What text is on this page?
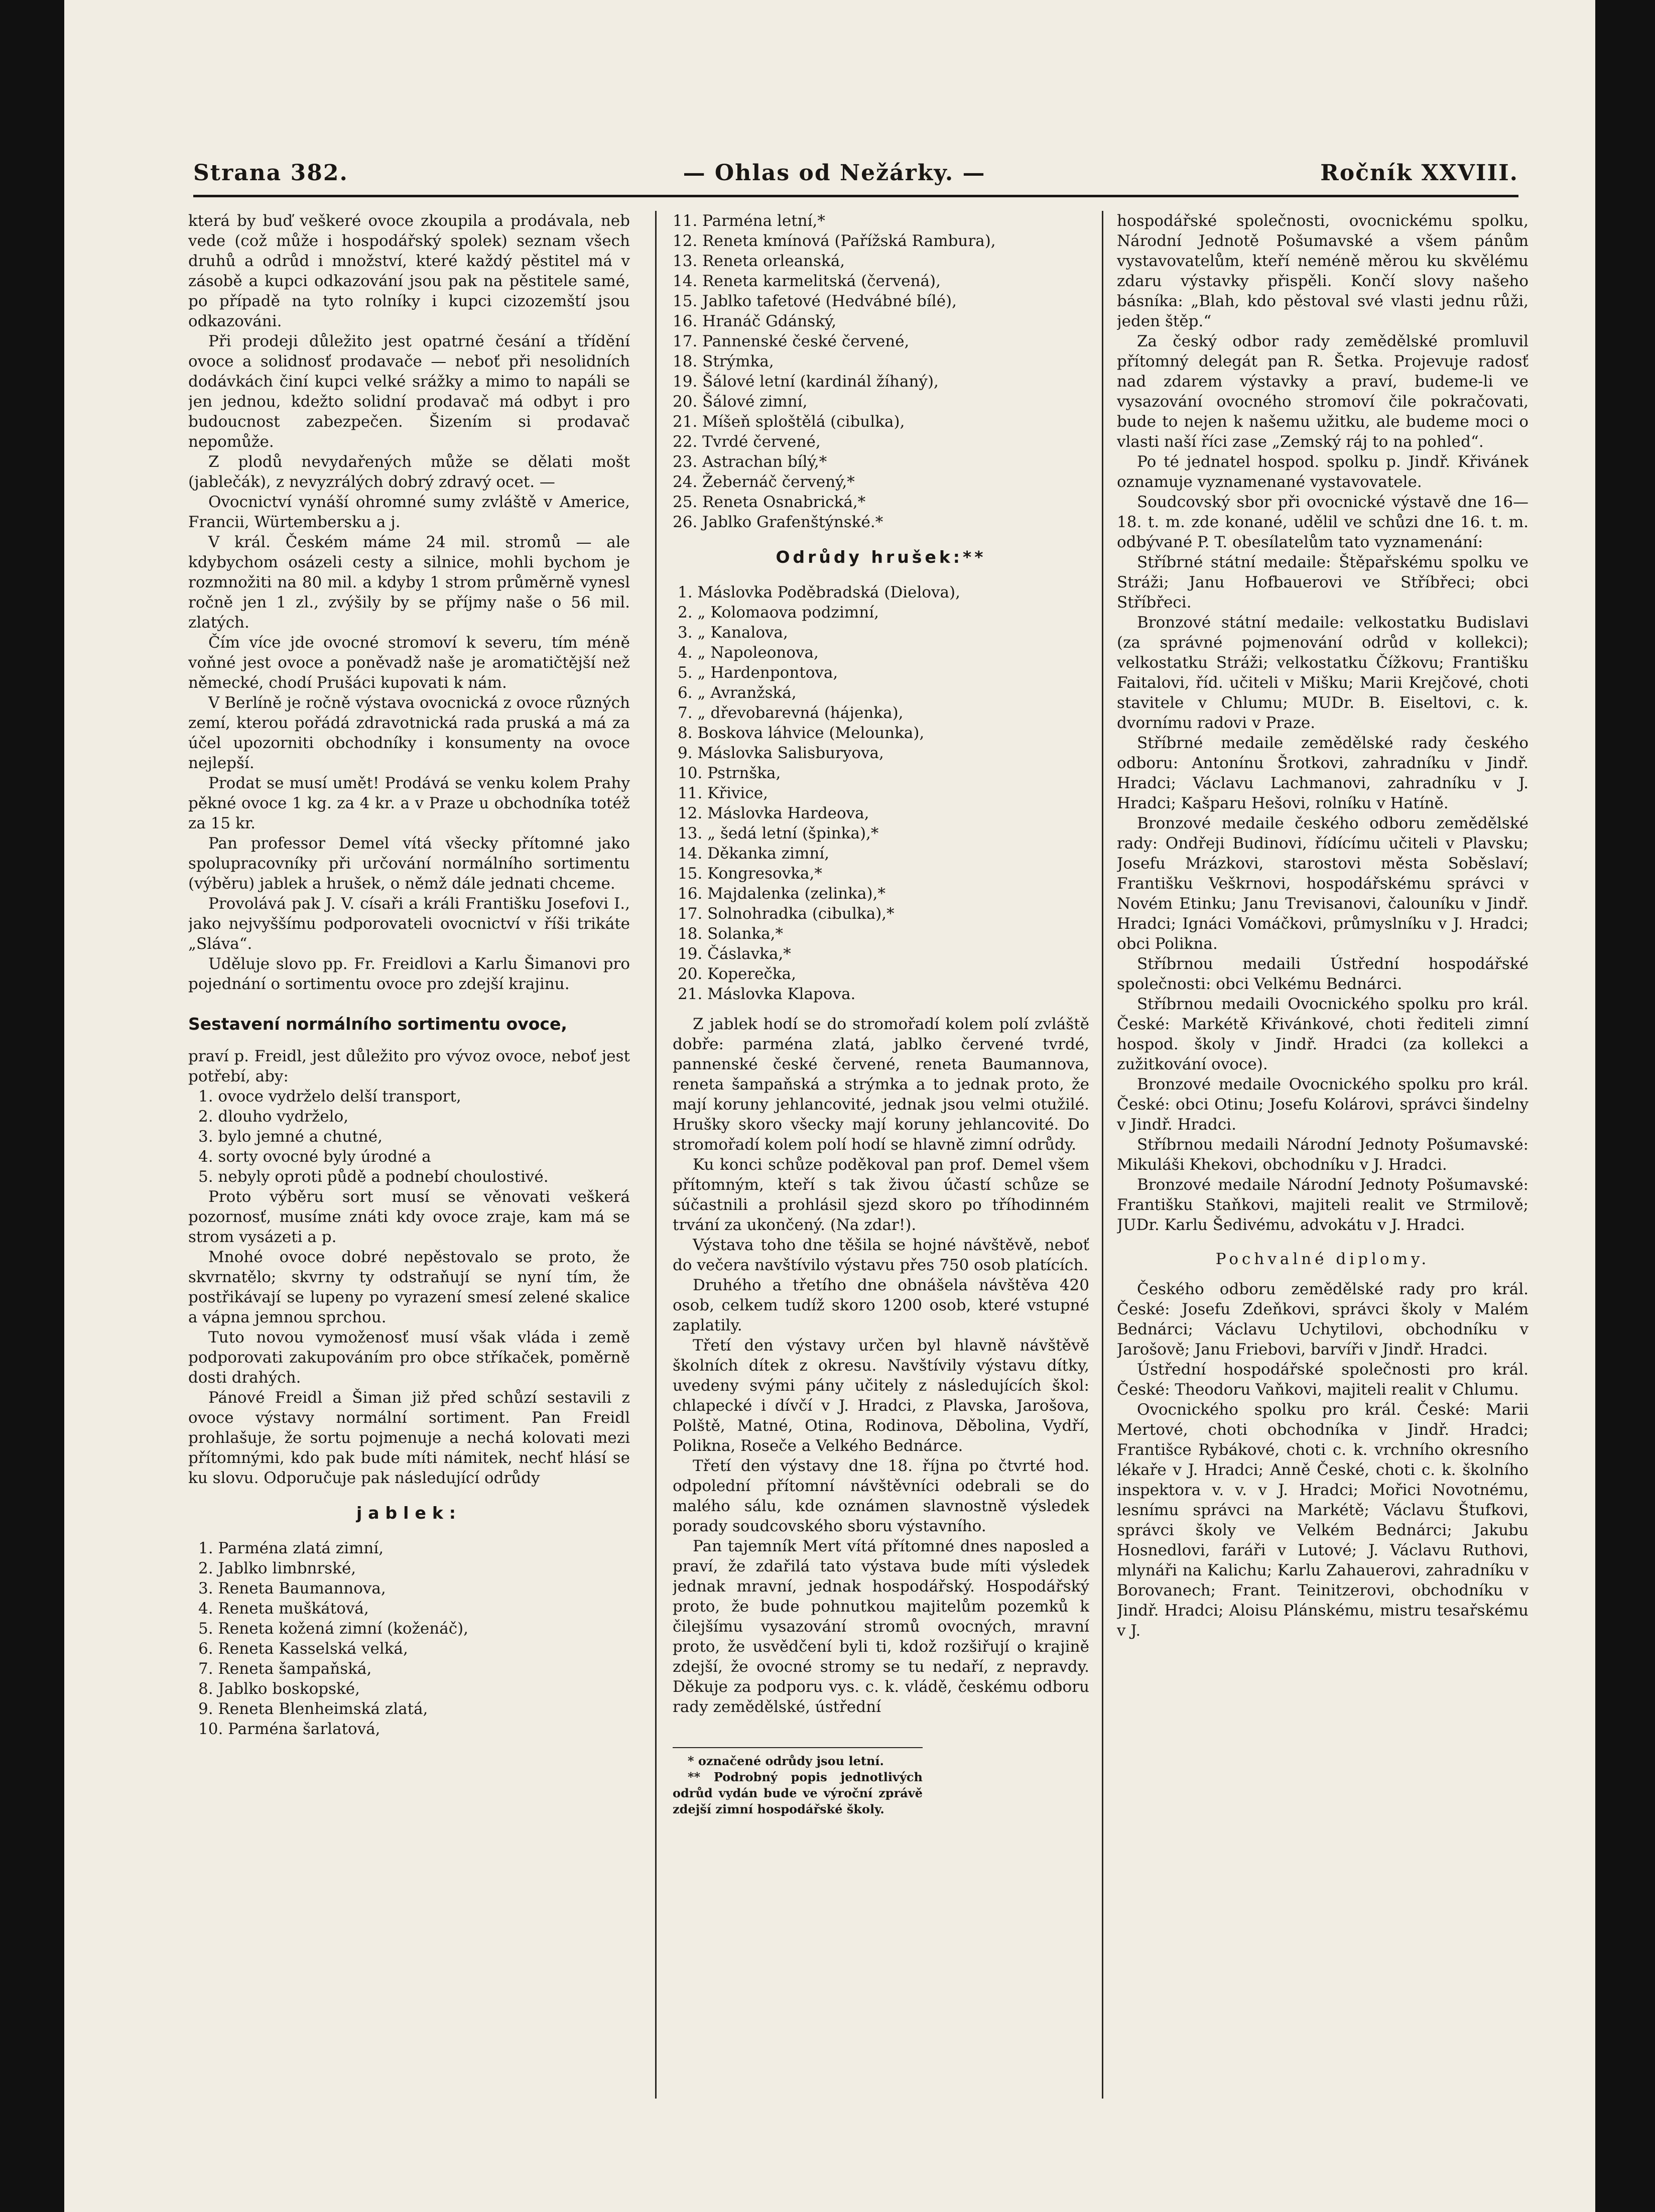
Strana 382.	— Ohlas od Nežárky. —	Ročník XXVIII.

která by buď veškeré ovoce zkoupila a prodávala, neb vede (což může i hospodářský spolek) seznam všech druhů a odrůd i množství, které každý pěstitel má v zásobě a kupci odkazování jsou pak na pěstitele samé, po případě na tyto rolníky i kupci cizozemští jsou odkazováni.

Při prodeji důležito jest opatrné česání a třídění ovoce a solidnosť prodavače — neboť při nesolidních dodávkách činí kupci velké srážky a mimo to napáli se jen jednou, kdežto solidní prodavač má odbyt i pro budoucnost zabezpečen. Šizením si prodavač nepomůže.

Z plodů nevydařených může se dělati mošt (jablečák), z nevyzrálých dobrý zdravý ocet. —

Ovocnictví vynáší ohromné sumy zvláště v Americe, Francii, Würtembersku a j.

V král. Českém máme 24 mil. stromů — ale kdybychom osázeli cesty a silnice, mohli bychom je rozmnožiti na 80 mil. a kdyby 1 strom průměrně vynesl ročně jen 1 zl., zvýšily by se příjmy naše o 56 mil. zlatých.

Čím více jde ovocné stromoví k severu, tím méně voňné jest ovoce a poněvadž naše je aromatičtější než německé, chodí Prušáci kupovati k nám.

V Berlíně je ročně výstava ovocnická z ovoce různých zemí, kterou pořádá zdravotnická rada pruská a má za účel upozorniti obchodníky i konsumenty na ovoce nejlepší.

Prodat se musí umět! Prodává se venku kolem Prahy pěkné ovoce 1 kg. za 4 kr. a v Praze u obchodníka totéž za 15 kr.

Pan professor Demel vítá všecky přítomné jako spolupracovníky při určování normálního sortimentu (výběru) jablek a hrušek, o němž dále jednati chceme.

Provolává pak J. V. císaři a králi Františku Josefovi I., jako nejvyššímu podporovateli ovocnictví v říši trikáte „Sláva“.

Uděluje slovo pp. Fr. Freidlovi a Karlu Šimanovi pro pojednání o sortimentu ovoce pro zdejší krajinu.

Sestavení normálního sortimentu ovoce,

praví p. Freidl, jest důležito pro vývoz ovoce, neboť jest potřebí, aby:

1. ovoce vydrželo delší transport,
2. dlouho vydrželo,
3. bylo jemné a chutné,
4. sorty ovocné byly úrodné a
5. nebyly oproti půdě a podnebí choulostivé.

Proto výběru sort musí se věnovati veškerá pozornosť, musíme znáti kdy ovoce zraje, kam má se strom vysázeti a p.

Mnohé ovoce dobré nepěstovalo se proto, že skvrnatělo; skvrny ty odstraňují se nyní tím, že postřikávají se lupeny po vyrazení smesí zelené skalice a vápna jemnou sprchou.

Tuto novou vymoženosť musí však vláda i země podporovati zakupováním pro obce stříkaček, poměrně dosti drahých.

Pánové Freidl a Šiman již před schůzí sestavili z ovoce výstavy normální sortiment. Pan Freidl prohlašuje, že sortu pojmenuje a nechá kolovati mezi přítomnými, kdo pak bude míti námitek, nechť hlásí se ku slovu. Odporučuje pak následující odrůdy

jablek:
1. Parména zlatá zimní,
2. Jablko limbnrské,
3. Reneta Baumannova,
4. Reneta muškátová,
5. Reneta kožená zimní (koženáč),
6. Reneta Kasselská velká,
7. Reneta šampaňská,
8. Jablko boskopské,
9. Reneta Blenheimská zlatá,
10. Parména šarlatová,
11. Parména letní,*
12. Reneta kmínová (Pařížská Rambura),
13. Reneta orleanská,
14. Reneta karmelitská (červená),
15. Jablko tafetové (Hedvábné bílé),
16. Hranáč Gdánský,
17. Pannenské české červené,
18. Strýmka,
19. Šálové letní (kardinál žíhaný),
20. Šálové zimní,
21. Míšeň sploštělá (cibulka),
22. Tvrdé červené,
23. Astrachan bílý,*
24. Žebernáč červený,*
25. Reneta Osnabrická,*
26. Jablko Grafenštýnské.*
Odrůdy hrušek:**
1. Máslovka Poděbradská (Dielova),
2. „ Kolomaova podzimní,
3. „ Kanalova,
4. „ Napoleonova,
5. „ Hardenpontova,
6. „ Avranžská,
7. „ dřevobarevná (hájenka),
8. Boskova láhvice (Melounka),
9. Máslovka Salisburyova,
10. Pstrnška,
11. Křivice,
12. Máslovka Hardeova,
13. „ šedá letní (špinka),*
14. Děkanka zimní,
15. Kongresovka,*
16. Majdalenka (zelinka),*
17. Solnohradka (cibulka),*
18. Solanka,*
19. Čáslavka,*
20. Koperečka,
21. Máslovka Klapova.

Z jablek hodí se do stromořadí kolem polí zvláště dobře: parména zlatá, jablko červené tvrdé, pannenské české červené, reneta Baumannova, reneta šampaňská a strýmka a to jednak proto, že mají koruny jehlancovité, jednak jsou velmi otužilé. Hrušky skoro všecky mají koruny jehlancovité. Do stromořadí kolem polí hodí se hlavně zimní odrůdy.

Ku konci schůze poděkoval pan prof. Demel všem přítomným, kteří s tak živou účastí schůze se súčastnili a prohlásil sjezd skoro po tříhodinném trvání za ukončený. (Na zdar!).

Výstava toho dne těšila se hojné návštěvě, neboť do večera navštívilo výstavu přes 750 osob platících.

Druhého a třetího dne obnášela návštěva 420 osob, celkem tudíž skoro 1200 osob, které vstupné zaplatily.

Třetí den výstavy určen byl hlavně návštěvě školních dítek z okresu. Navštívily výstavu dítky, uvedeny svými pány učitely z následujících škol: chlapecké i dívčí v J. Hradci, z Plavska, Jarošova, Polště, Matné, Otina, Rodinova, Děbolina, Vydří, Polikna, Roseče a Velkého Bednárce.

Třetí den výstavy dne 18. října po čtvrté hod. odpolední přítomní návštěvníci odebrali se do malého sálu, kde oznámen slavnostně výsledek porady soudcovského sboru výstavního.

Pan tajemník Mert vítá přítomné dnes naposled a praví, že zdařilá tato výstava bude míti výsledek jednak mravní, jednak hospodářský. Hospodářský proto, že bude pohnutkou majitelům pozemků k čilejšímu vysazování stromů ovocných, mravní proto, že usvědčení byli ti, kdož rozšiřují o krajině zdejší, že ovocné stromy se tu nedaří, z nepravdy. Děkuje za podporu vys. c. k. vládě, českému odboru rady zemědělské, ústřední

* označené odrůdy jsou letní.

** Podrobný popis jednotlivých odrůd vydán bude ve výroční zprávě zdejší zimní hospodářské školy.

hospodářské společnosti, ovocnickému spolku, Národní Jednotě Pošumavské a všem pánům vystavovatelům, kteří neméně měrou ku skvělému zdaru výstavky přispěli. Končí slovy našeho básníka: „Blah, kdo pěstoval své vlasti jednu růži, jeden štěp.“

Za český odbor rady zemědělské promluvil přítomný delegát pan R. Šetka. Projevuje radosť nad zdarem výstavky a praví, budeme-li ve vysazování ovocného stromoví čile pokračovati, bude to nejen k našemu užitku, ale budeme moci o vlasti naší říci zase „Zemský ráj to na pohled“.

Po té jednatel hospod. spolku p. Jindř. Křivánek oznamuje vyznamenané vystavovatele.

Soudcovský sbor při ovocnické výstavě dne 16—18. t. m. zde konané, udělil ve schůzi dne 16. t. m. odbývané P. T. obesílatelům tato vyznamenání:

Stříbrné státní medaile: Štěpařskému spolku ve Stráži; Janu Hofbauerovi ve Stříbřeci; obci Stříbřeci.

Bronzové státní medaile: velkostatku Budislavi (za správné pojmenování odrůd v kollekci); velkostatku Stráži; velkostatku Čížkovu; Františku Faitalovi, říd. učiteli v Mišku; Marii Krejčové, choti stavitele v Chlumu; MUDr. B. Eiseltovi, c. k. dvornímu radovi v Praze.

Stříbrné medaile zemědělské rady českého odboru: Antonínu Šrotkovi, zahradníku v Jindř. Hradci; Václavu Lachmanovi, zahradníku v J. Hradci; Kašparu Hešovi, rolníku v Hatíně.

Bronzové medaile českého odboru zemědělské rady: Ondřeji Budinovi, řídícímu učiteli v Plavsku; Josefu Mrázkovi, starostovi města Soběslaví; Františku Veškrnovi, hospodářskému správci v Novém Etinku; Janu Trevisanovi, čalouníku v Jindř. Hradci; Ignáci Vomáčkovi, průmyslníku v J. Hradci; obci Polikna.

Stříbrnou medaili Ústřední hospodářské společnosti: obci Velkému Bednárci.

Stříbrnou medaili Ovocnického spolku pro král. České: Markétě Křivánkové, choti řediteli zimní hospod. školy v Jindř. Hradci (za kollekci a zužitkování ovoce).

Bronzové medaile Ovocnického spolku pro král. České: obci Otinu; Josefu Kolárovi, správci šindelny v Jindř. Hradci.

Stříbrnou medaili Národní Jednoty Pošumavské: Mikuláši Khekovi, obchodníku v J. Hradci.

Bronzové medaile Národní Jednoty Pošumavské: Františku Staňkovi, majiteli realit ve Strmilově; JUDr. Karlu Šedivému, advokátu v J. Hradci.

Pochvalné diplomy.

Českého odboru zemědělské rady pro král. České: Josefu Zdeňkovi, správci školy v Malém Bednárci; Václavu Uchytilovi, obchodníku v Jarošově; Janu Friebovi, barvíři v Jindř. Hradci.

Ústřední hospodářské společnosti pro král. České: Theodoru Vaňkovi, majiteli realit v Chlumu.

Ovocnického spolku pro král. České: Marii Mertové, choti obchodníka v Jindř. Hradci; Františce Rybákové, choti c. k. vrchního okresního lékaře v J. Hradci; Anně České, choti c. k. školního inspektora v. v. v J. Hradci; Mořici Novotnému, lesnímu správci na Markétě; Václavu Štufkovi, správci školy ve Velkém Bednárci; Jakubu Hosnedlovi, faráři v Lutové; J. Václavu Ruthovi, mlynáři na Kalichu; Karlu Zahauerovi, zahradníku v Borovanech; Frant. Teinitzerovi, obchodníku v Jindř. Hradci; Aloisu Plánskému, mistru tesařskému v J.
